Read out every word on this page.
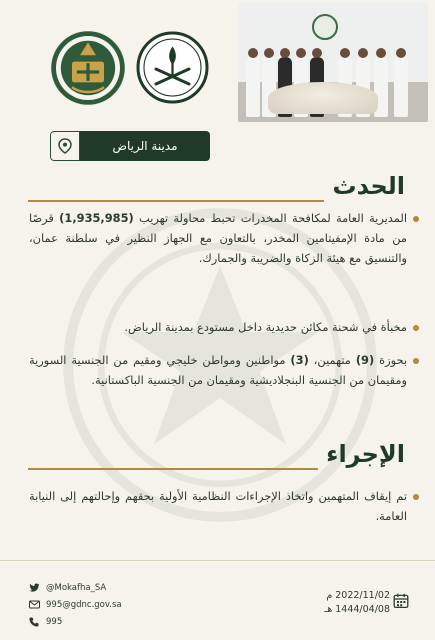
مدينة الرياض
الحدث
المديرية العامة لمكافحة المخدرات تحبط محاولة تهريب (1,935,985) قرصًا من مادة الإمفيتامين المخدر، بالتعاون مع الجهاز النظير في سلطنة عمان، والتنسيق مع هيئة الزكاة والضريبة والجمارك.
مخبأة في شحنة مكائن حديدية داخل مستودع بمدينة الرياض.
بحوزة (9) متهمين، (3) مواطنين ومواطن خليجي ومقيم من الجنسية السورية ومقيمان من الجنسية البنجلاديشية ومقيمان من الجنسية الباكستانية.
الإجراء
تم إيقاف المتهمين واتخاذ الإجراءات النظامية الأولية بحقهم وإحالتهم إلى النيابة العامة.
@Mokafha_SA
995@gdnc.gov.sa
995
2022/11/02 م
1444/04/08 هـ
